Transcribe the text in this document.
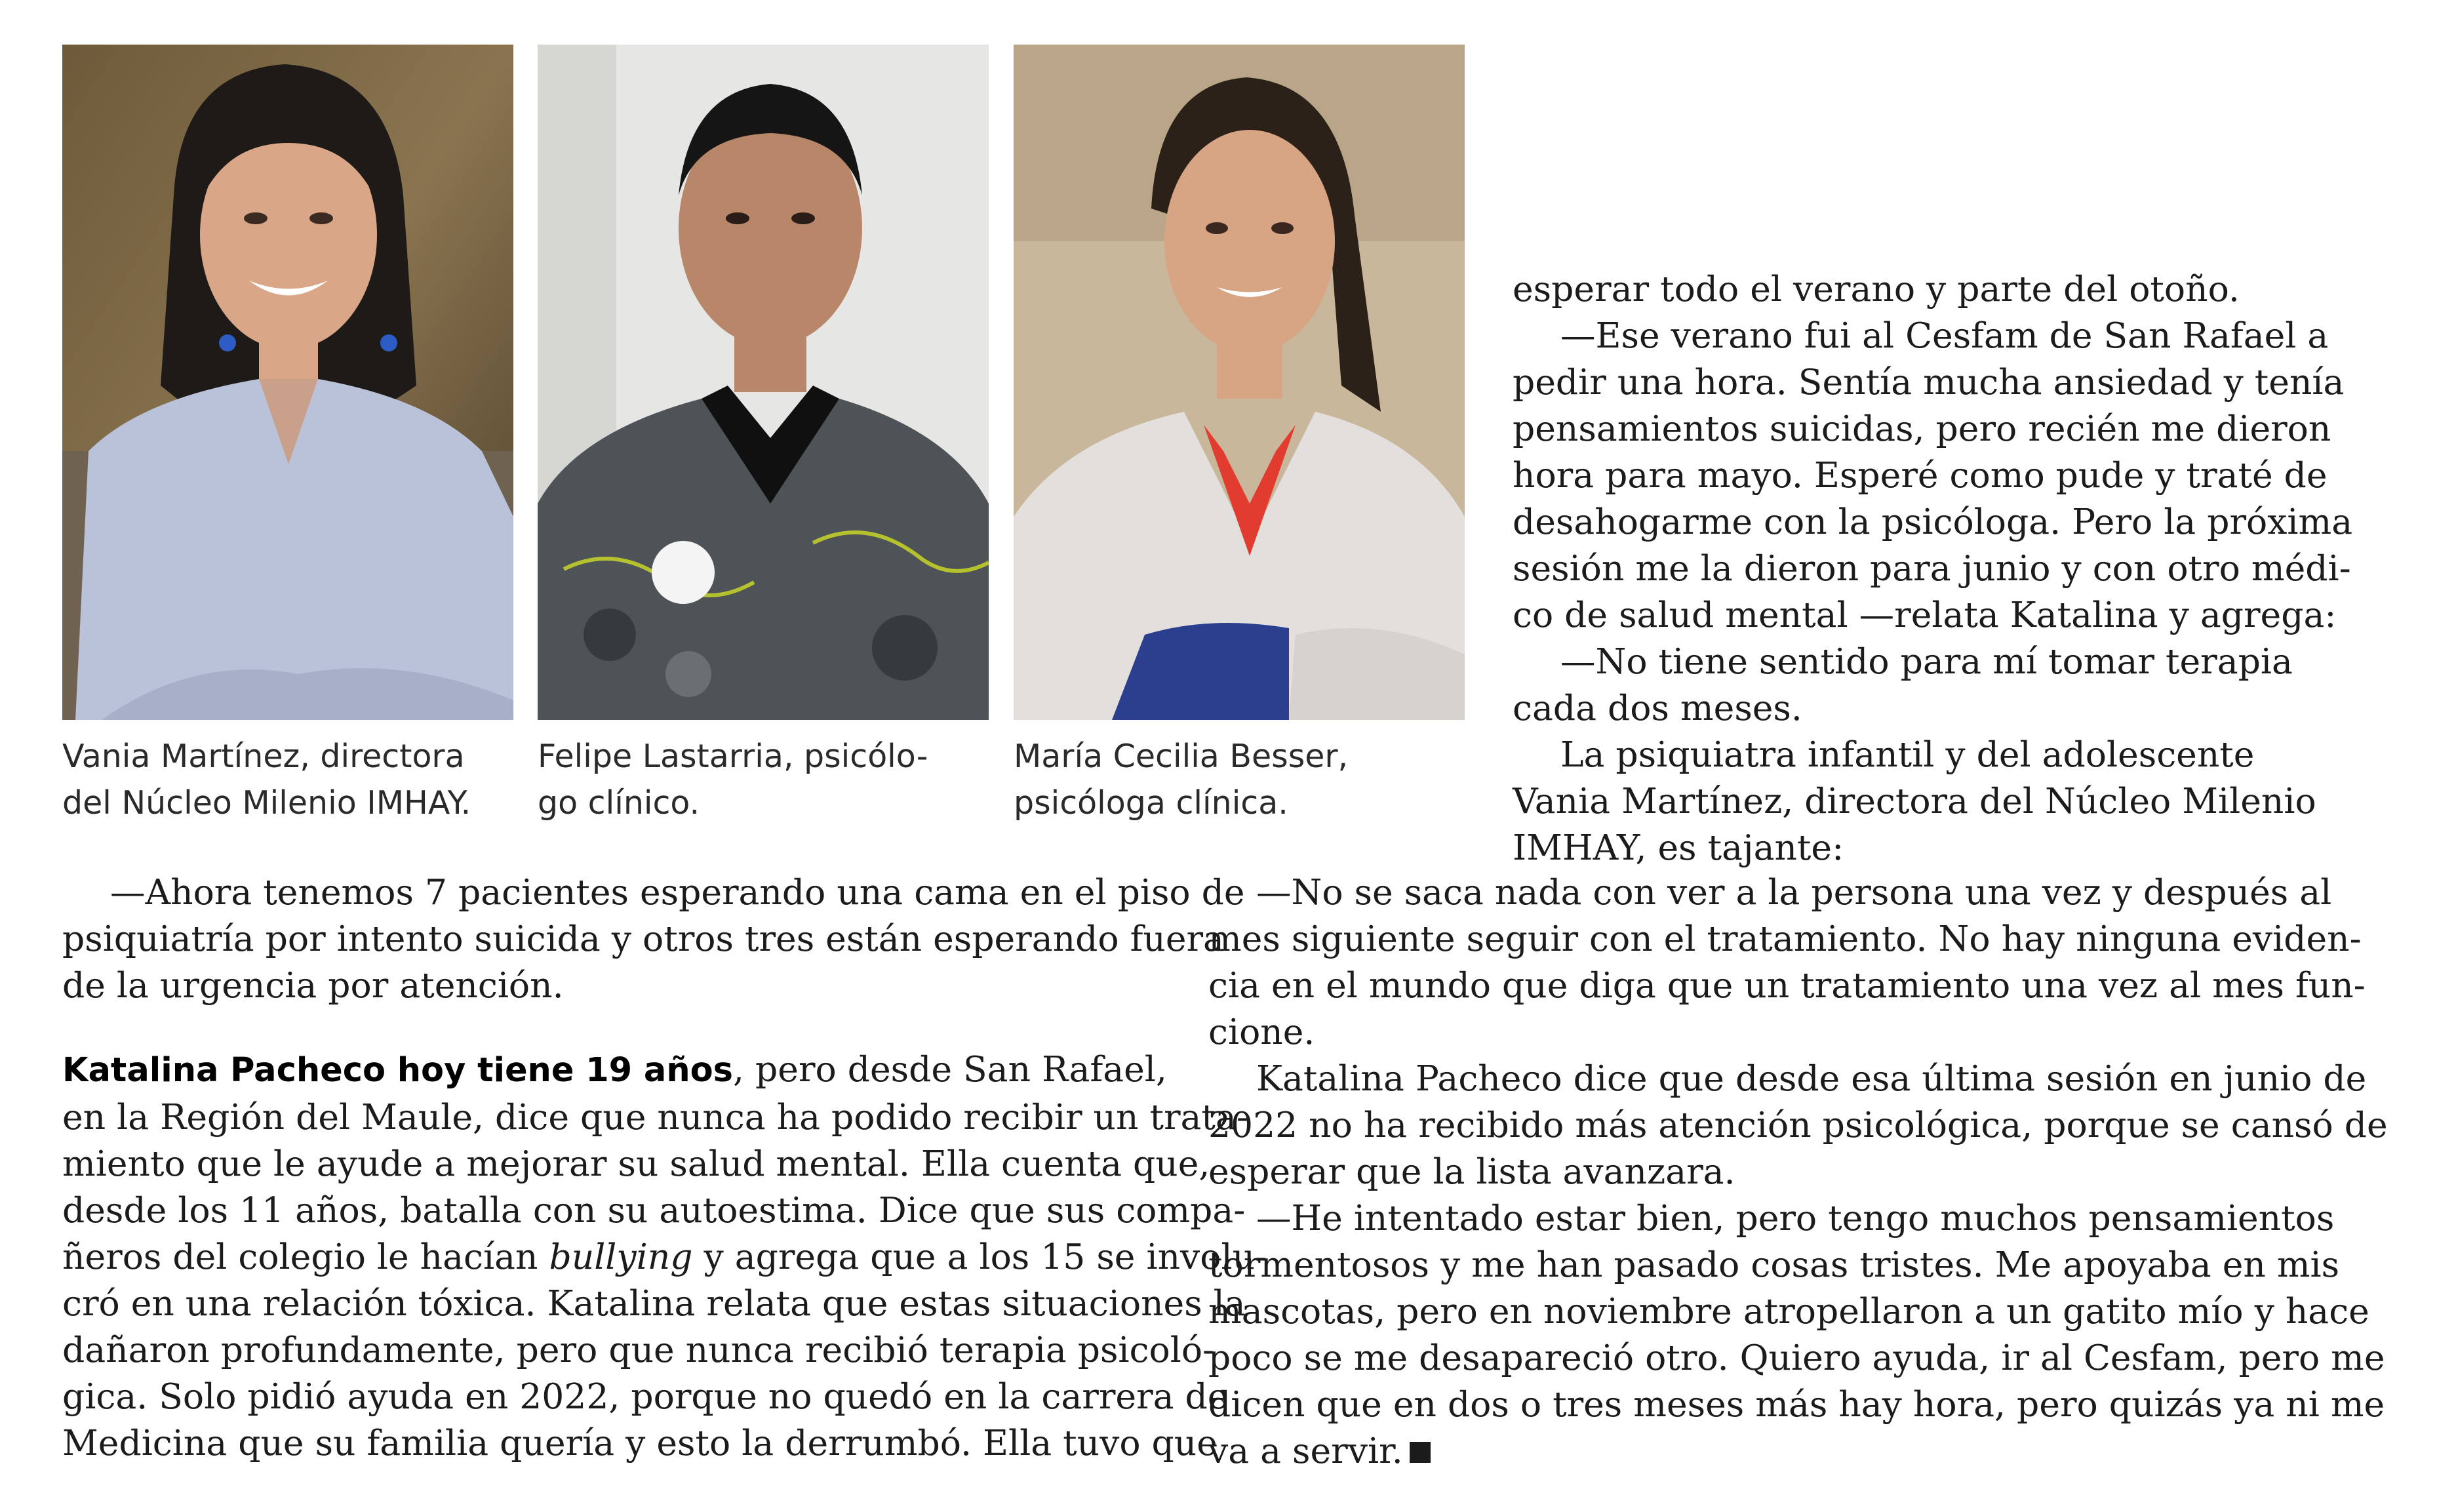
Vania Martínez, directora
del Núcleo Milenio IMHAY.
Felipe Lastarria, psicólo-
go clínico.
María Cecilia Besser,
psicóloga clínica.
esperar todo el verano y parte del otoño.
—Ese verano fui al Cesfam de San Rafael a
pedir una hora. Sentía mucha ansiedad y tenía
pensamientos suicidas, pero recién me dieron
hora para mayo. Esperé como pude y traté de
desahogarme con la psicóloga. Pero la próxima
sesión me la dieron para junio y con otro médi-
co de salud mental —relata Katalina y agrega:
—No tiene sentido para mí tomar terapia
cada dos meses.
La psiquiatra infantil y del adolescente
Vania Martínez, directora del Núcleo Milenio
IMHAY, es tajante:
—Ahora tenemos 7 pacientes esperando una cama en el piso de
psiquiatría por intento suicida y otros tres están esperando fuera
de la urgencia por atención.
Katalina Pacheco hoy tiene 19 años, pero desde San Rafael,
en la Región del Maule, dice que nunca ha podido recibir un trata-
miento que le ayude a mejorar su salud mental. Ella cuenta que,
desde los 11 años, batalla con su autoestima. Dice que sus compa-
ñeros del colegio le hacían bullying y agrega que a los 15 se involu-
cró en una relación tóxica. Katalina relata que estas situaciones la
dañaron profundamente, pero que nunca recibió terapia psicoló-
gica. Solo pidió ayuda en 2022, porque no quedó en la carrera de
Medicina que su familia quería y esto la derrumbó. Ella tuvo que
—No se saca nada con ver a la persona una vez y después al
mes siguiente seguir con el tratamiento. No hay ninguna eviden-
cia en el mundo que diga que un tratamiento una vez al mes fun-
cione.
Katalina Pacheco dice que desde esa última sesión en junio de
2022 no ha recibido más atención psicológica, porque se cansó de
esperar que la lista avanzara.
—He intentado estar bien, pero tengo muchos pensamientos
tormentosos y me han pasado cosas tristes. Me apoyaba en mis
mascotas, pero en noviembre atropellaron a un gatito mío y hace
poco se me desapareció otro. Quiero ayuda, ir al Cesfam, pero me
dicen que en dos o tres meses más hay hora, pero quizás ya ni me
va a servir.
